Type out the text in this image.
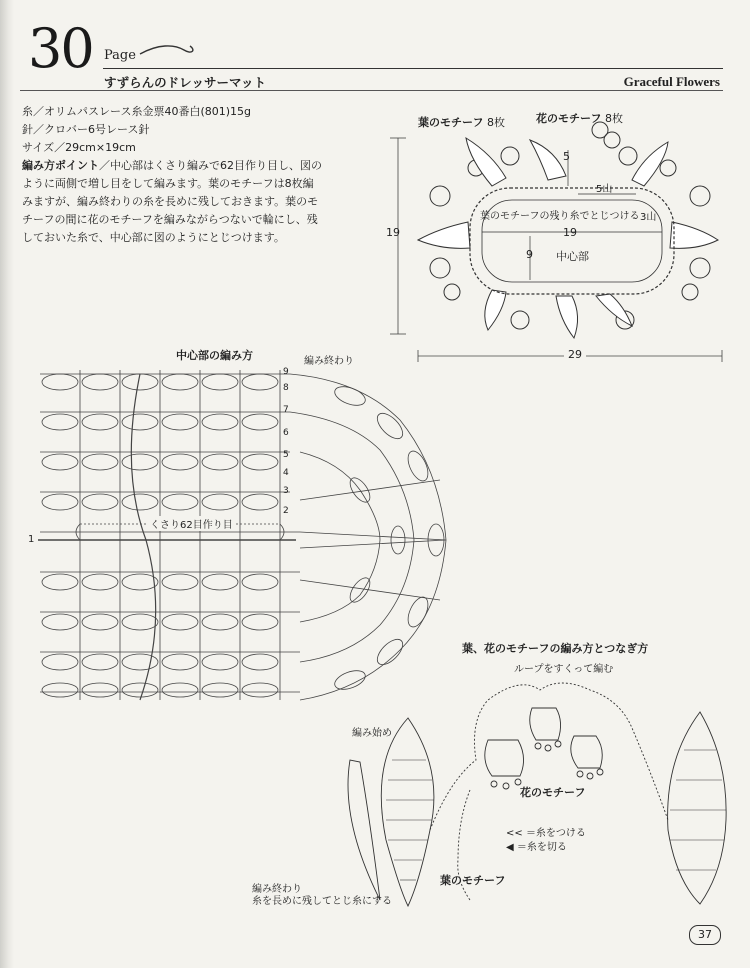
30 Page
すずらんのドレッサーマット	Graceful Flowers

糸／オリムパスレース糸金票40番白(801)15g

針／クロバー6号レース針

サイズ／29cm×19cm

編み方ポイント／中心部はくさり編みで62目作り目し、図のように両側で増し目をして編みます。葉のモチーフは8枚編みますが、編み終わりの糸を長めに残しておきます。葉のモチーフの間に花のモチーフを編みながらつないで輪にし、残しておいた糸で、中心部に図のようにとじつけます。

葉のモチーフ 8枚	花のモチーフ 8枚
19
29
5
5山
3山
葉のモチーフの残り糸でとじつける
19
9 中心部
中心部の編み方	編み終わり
くさり62目作り目
1
9
8
7
6
5
4
3
2
葉、花のモチーフの編み方とつなぎ方
ループをすくって編む
編み始め
花のモチーフ
葉のモチーフ
<< ＝糸をつける
◀ ＝糸を切る
編み終わり
糸を長めに残してとじ糸にする
37
